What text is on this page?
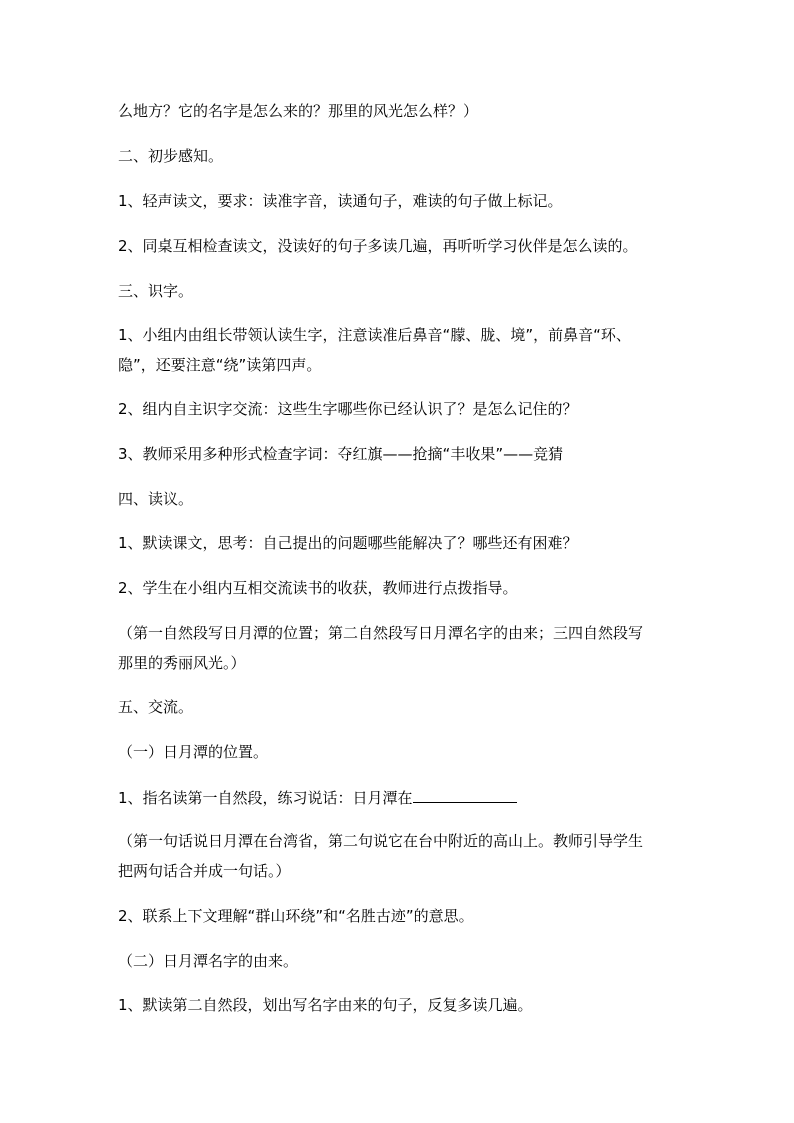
么地方？它的名字是怎么来的？那里的风光怎么样？）
二、初步感知。
1、轻声读文，要求：读准字音，读通句子，难读的句子做上标记。
2、同桌互相检查读文，没读好的句子多读几遍，再听听学习伙伴是怎么读的。
三、识字。
1、小组内由组长带领认读生字，注意读准后鼻音“朦、胧、境”，前鼻音“环、
隐”，还要注意“绕”读第四声。
2、组内自主识字交流：这些生字哪些你已经认识了？是怎么记住的？
3、教师采用多种形式检查字词：夺红旗——抢摘“丰收果”——竞猜
四、读议。
1、默读课文，思考：自己提出的问题哪些能解决了？哪些还有困难？
2、学生在小组内互相交流读书的收获，教师进行点拨指导。
（第一自然段写日月潭的位置；第二自然段写日月潭名字的由来；三四自然段写
那里的秀丽风光。）
五、交流。
（一）日月潭的位置。
1、指名读第一自然段，练习说话：日月潭在
（第一句话说日月潭在台湾省，第二句说它在台中附近的高山上。教师引导学生
把两句话合并成一句话。）
2、联系上下文理解“群山环绕”和“名胜古迹”的意思。
（二）日月潭名字的由来。
1、默读第二自然段，划出写名字由来的句子，反复多读几遍。
